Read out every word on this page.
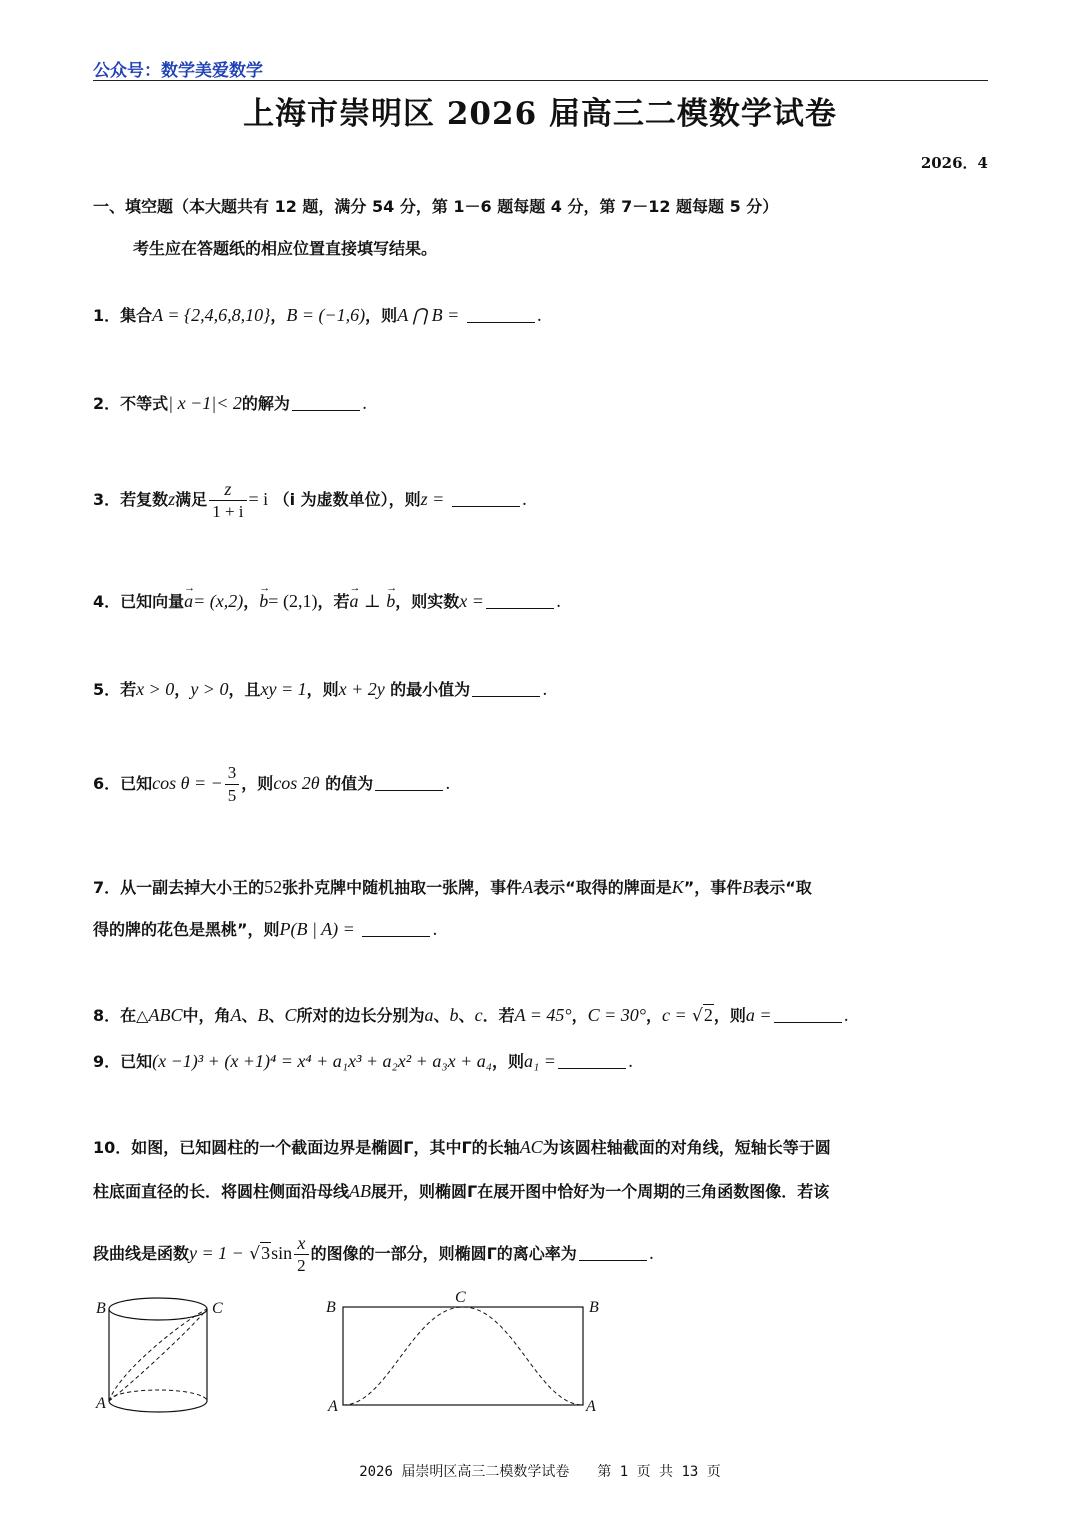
公众号：数学美爱数学
上海市崇明区 2026 届高三二模数学试卷
2026．4
一、填空题（本大题共有 12 题，满分 54 分，第 1－6 题每题 4 分，第 7－12 题每题 5 分）
考生应在答题纸的相应位置直接填写结果。
1．集合A = {2,4,6,8,10}，B = (−1,6)，则A ⋂ B =	.
2．不等式| x −1|< 2的解为	.
3．若复数z满足 $\frac{z}{1 + i} = i$ （i 为虚数单位），则z =	.
4．已知向量→ a= (x,2)，→ b= (2,1)，若→ a ⊥ → b，则实数x =	.
5．若x > 0，y > 0，且xy = 1，则x + 2y 的最小值为	.
6．已知cos θ = − $\frac{3}{5}$ ，则cos 2θ 的值为	.
7．从一副去掉大小王的52张扑克牌中随机抽取一张牌，事件A表示“取得的牌面是K”，事件B表示“取
得的牌的花色是黑桃”，则P(B | A) =	.
8．在△ABC中，角A、B、C所对的边长分别为a、b、c．若A = 45°，C = 30°，c = √2，则a =	.
9．已知(x −1)³ + (x +1)⁴ = x⁴ + a₁x³ + a₂x² + a₃x + a₄，则a₁ =	.
10．如图，已知圆柱的一个截面边界是椭圆Γ，其中Γ的长轴AC为该圆柱轴截面的对角线，短轴长等于圆
柱底面直径的长．将圆柱侧面沿母线AB展开，则椭圆Γ在展开图中恰好为一个周期的三角函数图像．若该
段曲线是函数$y = 1 - √3\sin \frac{x}{2}$ 的图像的一部分，则椭圆Γ的离心率为	.
B	C
A
B
C
B
A	A
2026 届崇明区高三二模数学试卷　　第 1 页 共 13 页
